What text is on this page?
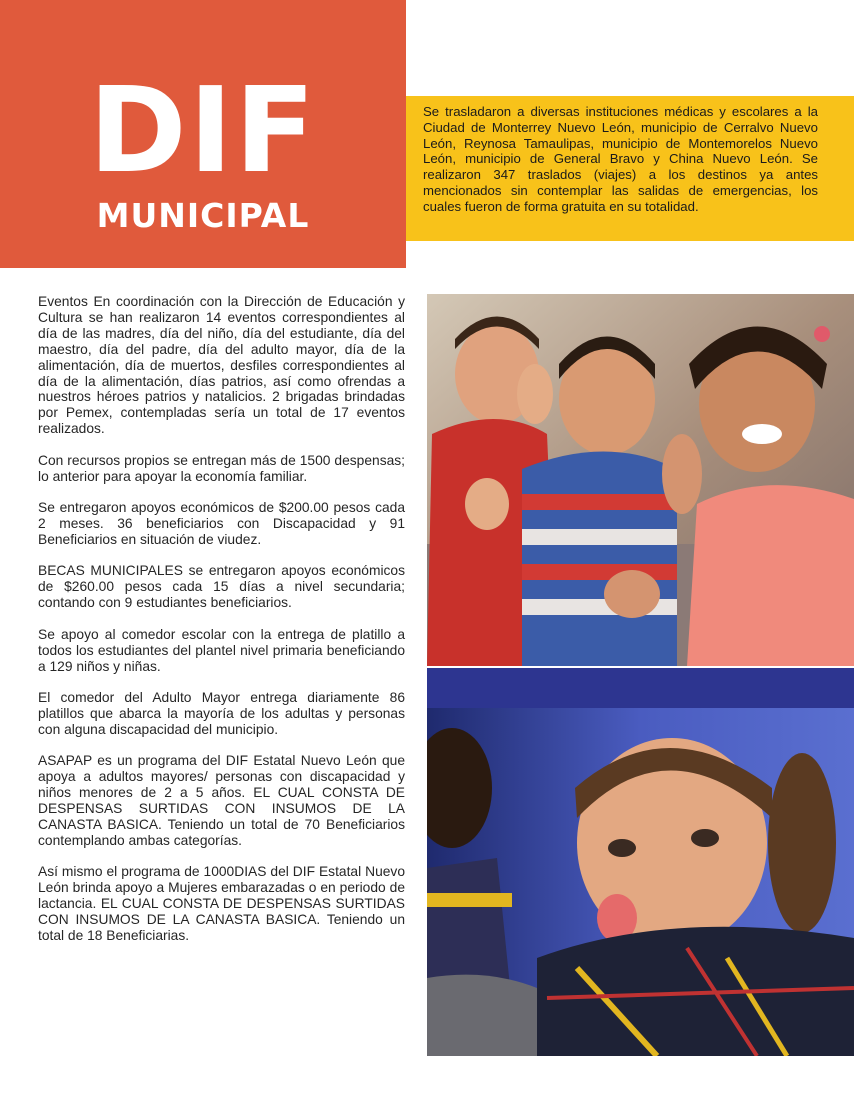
DIF
MUNICIPAL
Se trasladaron a diversas instituciones médicas y escolares a la Ciudad de Monterrey Nuevo León, municipio de Cerralvo Nuevo León, Reynosa Tamaulipas, municipio de Montemorelos Nuevo León, municipio de General Bravo y China Nuevo León. Se realizaron 347 traslados (viajes) a los destinos ya antes mencionados sin contemplar las salidas de emergencias, los cuales fueron de forma gratuita en su totalidad.

Eventos En coordinación con la Dirección de Educación y Cultura se han realizaron 14 eventos correspondientes al día de las madres, día del niño, día del estudiante, día del maestro, día del padre, día del adulto mayor, día de la alimentación, día de muertos, desfiles correspondientes al día de la alimentación, días patrios, así como ofrendas a nuestros héroes patrios y natalicios. 2 brigadas brindadas por Pemex, contempladas sería un total de 17 eventos realizados.

Con recursos propios se entregan más de 1500 despensas; lo anterior para apoyar la economía familiar.

Se entregaron apoyos económicos de $200.00 pesos cada 2 meses. 36 beneficiarios con Discapacidad y 91 Beneficiarios en situación de viudez.

BECAS MUNICIPALES se entregaron apoyos económicos de $260.00 pesos cada 15 días a nivel secundaria; contando con 9 estudiantes beneficiarios.

Se apoyo al comedor escolar con la entrega de platillo a todos los estudiantes del plantel nivel primaria beneficiando a 129 niños y niñas.

El comedor del Adulto Mayor entrega diariamente 86 platillos que abarca la mayoría de los adultas y personas con alguna discapacidad del municipio.

ASAPAP es un programa del DIF Estatal Nuevo León que apoya a adultos mayores/ personas con discapacidad y niños menores de 2 a 5 años. EL CUAL CONSTA DE DESPENSAS SURTIDAS CON INSUMOS DE LA CANASTA BASICA. Teniendo un total de 70 Beneficiarios contemplando ambas categorías.

Así mismo el programa de 1000DIAS del DIF Estatal Nuevo León brinda apoyo a Mujeres embarazadas o en periodo de lactancia. EL CUAL CONSTA DE DESPENSAS SURTIDAS CON INSUMOS DE LA CANASTA BASICA. Teniendo un total de 18 Beneficiarias.
